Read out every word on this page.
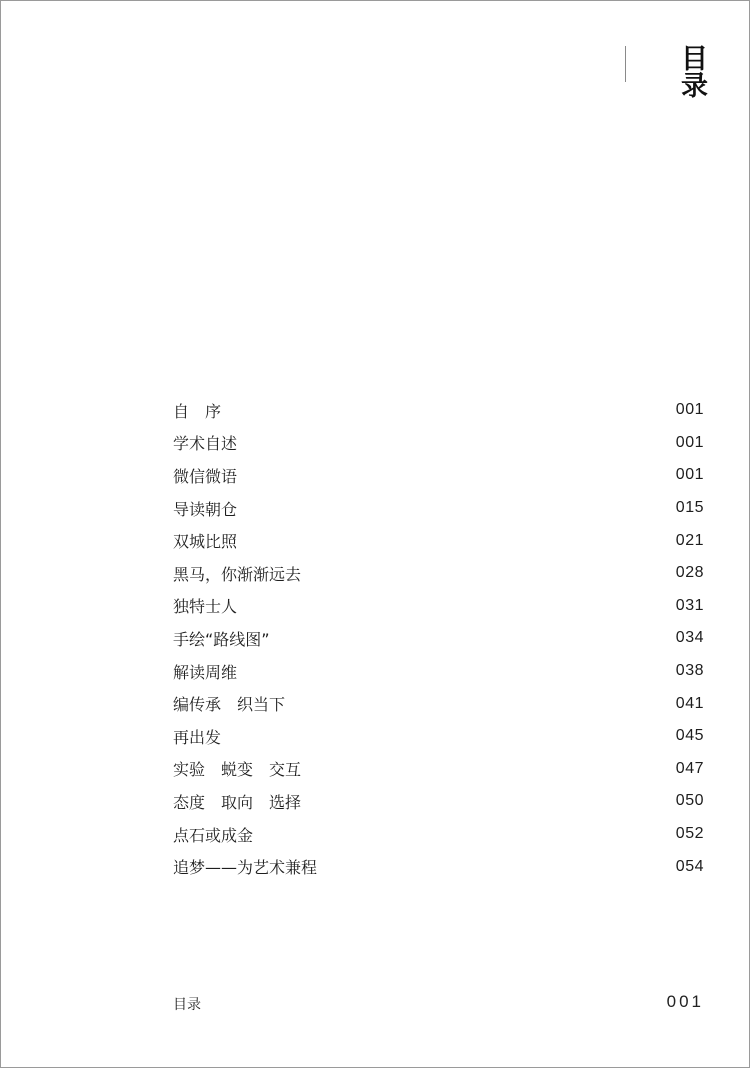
目录
自　序	001
学术自述	001
微信微语	001
导读朝仓	015
双城比照	021
黑马，你渐渐远去	028
独特士人	031
手绘“路线图”	034
解读周维	038
编传承　织当下	041
再出发	045
实验　蜕变　交互	047
态度　取向　选择	050
点石或成金	052
追梦——为艺术兼程	054
目录	001
